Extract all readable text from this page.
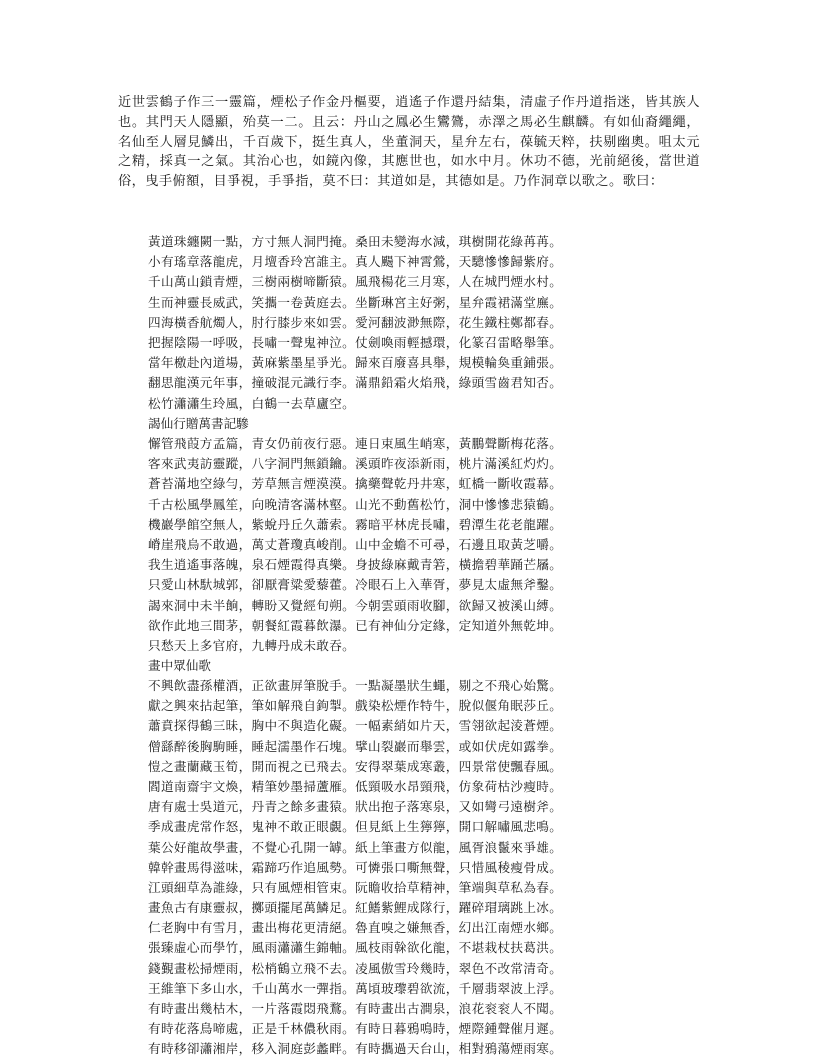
近世雲鶴子作三一靈篇，煙松子作金丹樞要，逍遙子作還丹結集，清虛子作丹道指迷，皆其族人也。其門天人隱顯，殆莫一二。且云：丹山之鳳必生鸞鷟，赤澤之馬必生麒麟。有如仙裔繩繩，名仙至人層見鱗出，千百歲下，挺生真人，坐董洞天，星弁左右，葆毓天粹，扶剔幽奧。咀太元之精，採真一之氣。其治心也，如鏡內像，其應世也，如水中月。休功不德，光前絕後，當世道俗，曳手俯額，目爭視，手爭指，莫不曰：其道如是，其德如是。乃作洞章以歌之。歌曰：
黃道珠纏闕一點，方寸無人洞門掩。桑田未變海水減，琪樹開花綠苒苒。
小有瑤章落龍虎，月壇香玲宮誰主。真人颺下神霄鶯，天驄慘慘歸紫府。
千山萬山鎖青煙，三樹兩樹啼斷猿。風飛楊花三月寒，人在城門煙水村。
生而神靈長威武，笑攜一卷黃庭去。坐斷琳宮主好粥，星弁霞裙滿堂廡。
四海橫香航燭人，肘行膝步來如雲。愛河翻波渺無際，花生鐵柱鄭都春。
把握陰陽一呼吸，長嘯一聲鬼神泣。仗劍喚雨輕撼環，化篆召雷略舉筆。
當年檄赴內道場，黃麻紫墨星爭光。歸來百廢喜具舉，規模輪奐重鋪張。
翻思龍漢元年事，撞破混元識行李。滿鼎鉛霜火焰飛，綠頭雪齒君知否。
松竹瀟瀟生玲風，白鶴一去草廬空。
謁仙行贈萬書記驂
懈管飛葭方孟篇，青女仍前夜行惡。連日束風生峭寒，黃鵬聲斷梅花落。
客來武夷訪靈蹤，八字洞門無鎖鑰。溪頭昨夜添新雨，桃片滿溪紅灼灼。
蒼苔滿地空綠勻，芳草無言煙漠漠。擒藥聲乾丹井寒，虹橋一斷收霞幕。
千古松風學鳳笙，向晚清客滿林壑。山光不動舊松竹，洞中慘慘悲猿鶴。
機巖學館空無人，紫蛻丹丘久蕭索。霧暗平林虎長嘯，碧潭生花老龍躍。
嵴崖飛烏不敢過，萬丈蒼瓊真峻削。山中金蟾不可尋，石邊且取黃芝嚼。
我生逍遙事落魄，泉石煙霞得真樂。身披綠麻戴青箬，橫擔碧華踊芒屩。
只愛山林馱城郭，卻厭膏粱愛藜藿。冷眼石上入華胥，夢見太虛無斧鑿。
謁來洞中未半餉，轉盼又覺經旬朔。今朝雲頭雨收腳，欲歸又被溪山縛。
欲作此地三間茅，朝餐紅霞暮飲瀑。已有神仙分定緣，定知道外無乾坤。
只愁天上多官府，九轉丹成未敢吞。
畫中眾仙歌
不興飲盡孫權酒，正欲畫屏筆脫手。一點凝墨狀生蠅，剔之不飛心始驚。
獻之興來拈起筆，筆如解飛自鉤掣。戲染松煙作特牛，脫似偃角眠莎丘。
蕭賁探得鶴三昧，胸中不與造化礙。一幅素綃如片天，雪翎欲起淩蒼煙。
僧繇醉後胸駒睡，睡起濡墨作石塊。擘山裂巖而舉雲，或如伏虎如露拳。
愷之畫蘭藏玉筍，開而視之已飛去。安得翠葉成寒叢，四景常使飄春風。
閻道南齋宇文煥，精筆妙墨掃蘆雁。低頸吸水昂頸飛，仿象荷枯沙瘦時。
唐有處士吳道元，丹青之餘多畫猿。狀出抱子落寒泉，又如彎弓遠樹斧。
季成畫虎常作怒，鬼神不敢正眼覷。但見紙上生獰獰，開口解嘯風悲鳴。
葉公好龍故學畫，不覺心孔開一罅。紙上筆畫方似龍，風胥浪鬣來爭雄。
韓幹畫馬得滋味，霜蹄巧作追風勢。可憐張口嘶無聲，只惜風稜瘦骨成。
江頭細草為誰綠，只有風煙相管束。阮瞻收拾草精神，筆端與草私為春。
畫魚古有康靈叔，擲頭擺尾萬鱗足。紅鰭紫鯉成隊行，躍碎瑁璃跳上冰。
仁老胸中有雪月，畫出梅花更清絕。魯直嗅之嫌無香，幻出江南煙水鄉。
張臻虛心而學竹，風雨瀟瀟生錦軸。風枝雨榦欲化龍，不堪栽杖扶葛洪。
錢覲畫松掃煙雨，松梢鶴立飛不去。凌風傲雪玲幾時，翠色不改常清奇。
王維筆下多山水，千山萬水一彈指。萬頃玻瓈碧欲流，千層翡翠波上浮。
有時畫出幾枯木，一片落霞悶飛鶩。有時畫出古澗泉，浪花衮衮人不聞。
有時花落鳥啼處，正是千林儂秋雨。有時日暮鴉鳴時，煙際鍾聲催月遲。
有時移卻瀟湘岸，移入洞庭彭蠡畔。有時攜過天台山，相對鴉蕩煙雨寒。
